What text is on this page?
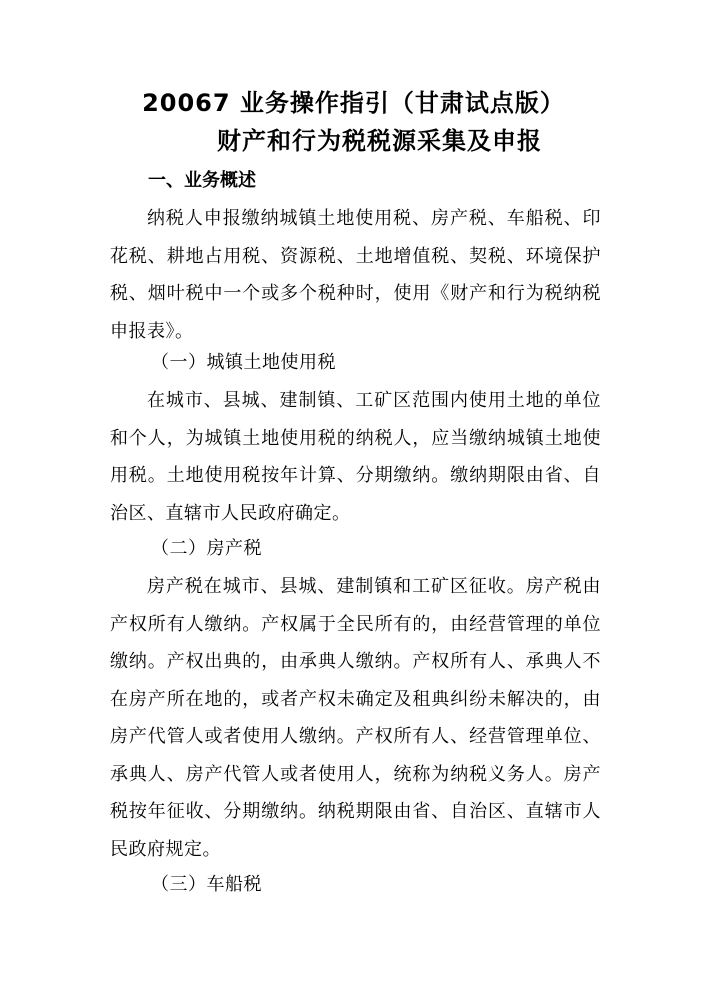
20067 业务操作指引（甘肃试点版）
财产和行为税税源采集及申报
一、业务概述

纳税人申报缴纳城镇土地使用税、房产税、车船税、印花税、耕地占用税、资源税、土地增值税、契税、环境保护税、烟叶税中一个或多个税种时，使用《财产和行为税纳税申报表》。

（一）城镇土地使用税

在城市、县城、建制镇、工矿区范围内使用土地的单位和个人，为城镇土地使用税的纳税人，应当缴纳城镇土地使用税。土地使用税按年计算、分期缴纳。缴纳期限由省、自治区、直辖市人民政府确定。

（二）房产税

房产税在城市、县城、建制镇和工矿区征收。房产税由产权所有人缴纳。产权属于全民所有的，由经营管理的单位缴纳。产权出典的，由承典人缴纳。产权所有人、承典人不在房产所在地的，或者产权未确定及租典纠纷未解决的，由房产代管人或者使用人缴纳。产权所有人、经营管理单位、承典人、房产代管人或者使用人，统称为纳税义务人。房产税按年征收、分期缴纳。纳税期限由省、自治区、直辖市人民政府规定。

（三）车船税
